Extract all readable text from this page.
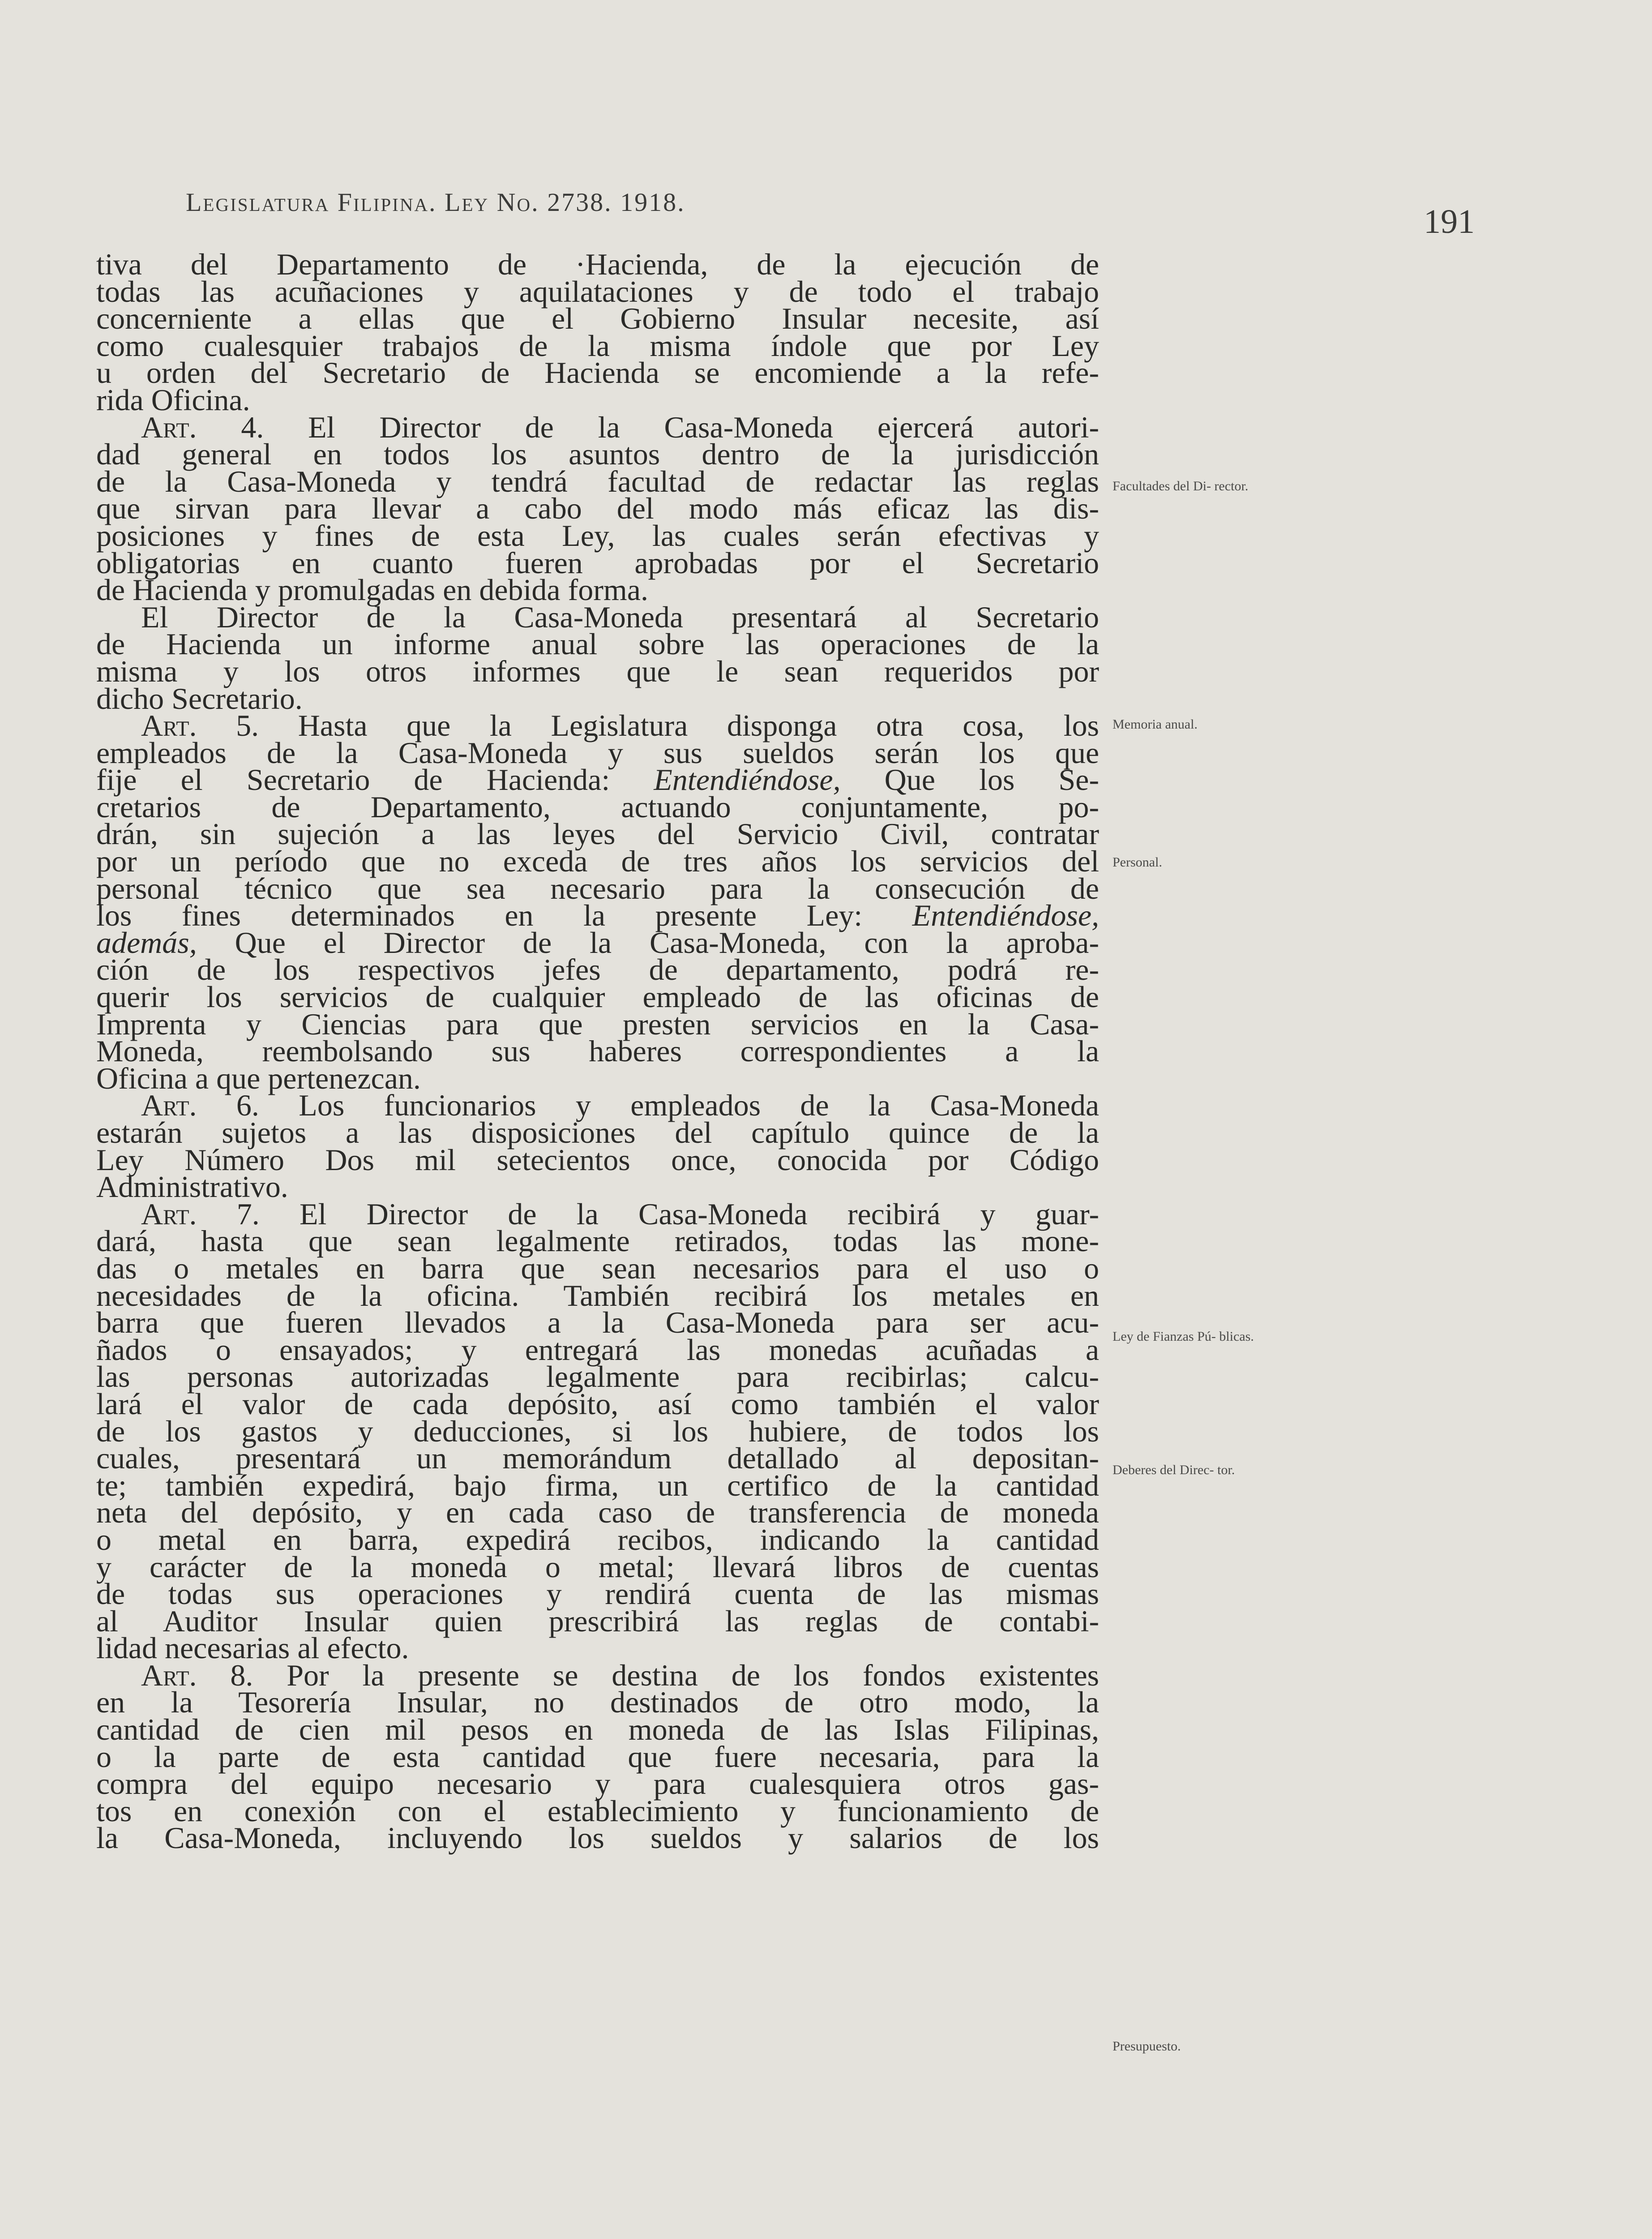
Legislatura Filipina. Ley No. 2738. 1918.
191
tiva del Departamento de ·Hacienda, de la ejecución de
todas las acuñaciones y aquilataciones y de todo el trabajo
concerniente a ellas que el Gobierno Insular necesite, así
como cualesquier trabajos de la misma índole que por Ley
u orden del Secretario de Hacienda se encomiende a la refe-
rida Oficina.
Art. 4. El Director de la Casa-Moneda ejercerá autori-
dad general en todos los asuntos dentro de la jurisdicción
de la Casa-Moneda y tendrá facultad de redactar las reglas
que sirvan para llevar a cabo del modo más eficaz las dis-
posiciones y fines de esta Ley, las cuales serán efectivas y
obligatorias en cuanto fueren aprobadas por el Secretario
de Hacienda y promulgadas en debida forma.
El Director de la Casa-Moneda presentará al Secretario
de Hacienda un informe anual sobre las operaciones de la
misma y los otros informes que le sean requeridos por
dicho Secretario.
Art. 5. Hasta que la Legislatura disponga otra cosa, los
empleados de la Casa-Moneda y sus sueldos serán los que
fije el Secretario de Hacienda: Entendiéndose, Que los Se-
cretarios de Departamento, actuando conjuntamente, po-
drán, sin sujeción a las leyes del Servicio Civil, contratar
por un período que no exceda de tres años los servicios del
personal técnico que sea necesario para la consecución de
los fines determinados en la presente Ley: Entendiéndose,
además, Que el Director de la Casa-Moneda, con la aproba-
ción de los respectivos jefes de departamento, podrá re-
querir los servicios de cualquier empleado de las oficinas de
Imprenta y Ciencias para que presten servicios en la Casa-
Moneda, reembolsando sus haberes correspondientes a la
Oficina a que pertenezcan.
Art. 6. Los funcionarios y empleados de la Casa-Moneda
estarán sujetos a las disposiciones del capítulo quince de la
Ley Número Dos mil setecientos once, conocida por Código
Administrativo.
Art. 7. El Director de la Casa-Moneda recibirá y guar-
dará, hasta que sean legalmente retirados, todas las mone-
das o metales en barra que sean necesarios para el uso o
necesidades de la oficina. También recibirá los metales en
barra que fueren llevados a la Casa-Moneda para ser acu-
ñados o ensayados; y entregará las monedas acuñadas a
las personas autorizadas legalmente para recibirlas; calcu-
lará el valor de cada depósito, así como también el valor
de los gastos y deducciones, si los hubiere, de todos los
cuales, presentará un memorándum detallado al depositan-
te; también expedirá, bajo firma, un certifico de la cantidad
neta del depósito, y en cada caso de transferencia de moneda
o metal en barra, expedirá recibos, indicando la cantidad
y carácter de la moneda o metal; llevará libros de cuentas
de todas sus operaciones y rendirá cuenta de las mismas
al Auditor Insular quien prescribirá las reglas de contabi-
lidad necesarias al efecto.
Art. 8. Por la presente se destina de los fondos existentes
en la Tesorería Insular, no destinados de otro modo, la
cantidad de cien mil pesos en moneda de las Islas Filipinas,
o la parte de esta cantidad que fuere necesaria, para la
compra del equipo necesario y para cualesquiera otros gas-
tos en conexión con el establecimiento y funcionamiento de
la Casa-Moneda, incluyendo los sueldos y salarios de los
Facultades del Di- rector.
Memoria anual.
Personal.
Ley de Fianzas Pú- blicas.
Deberes del Direc- tor.
Presupuesto.
